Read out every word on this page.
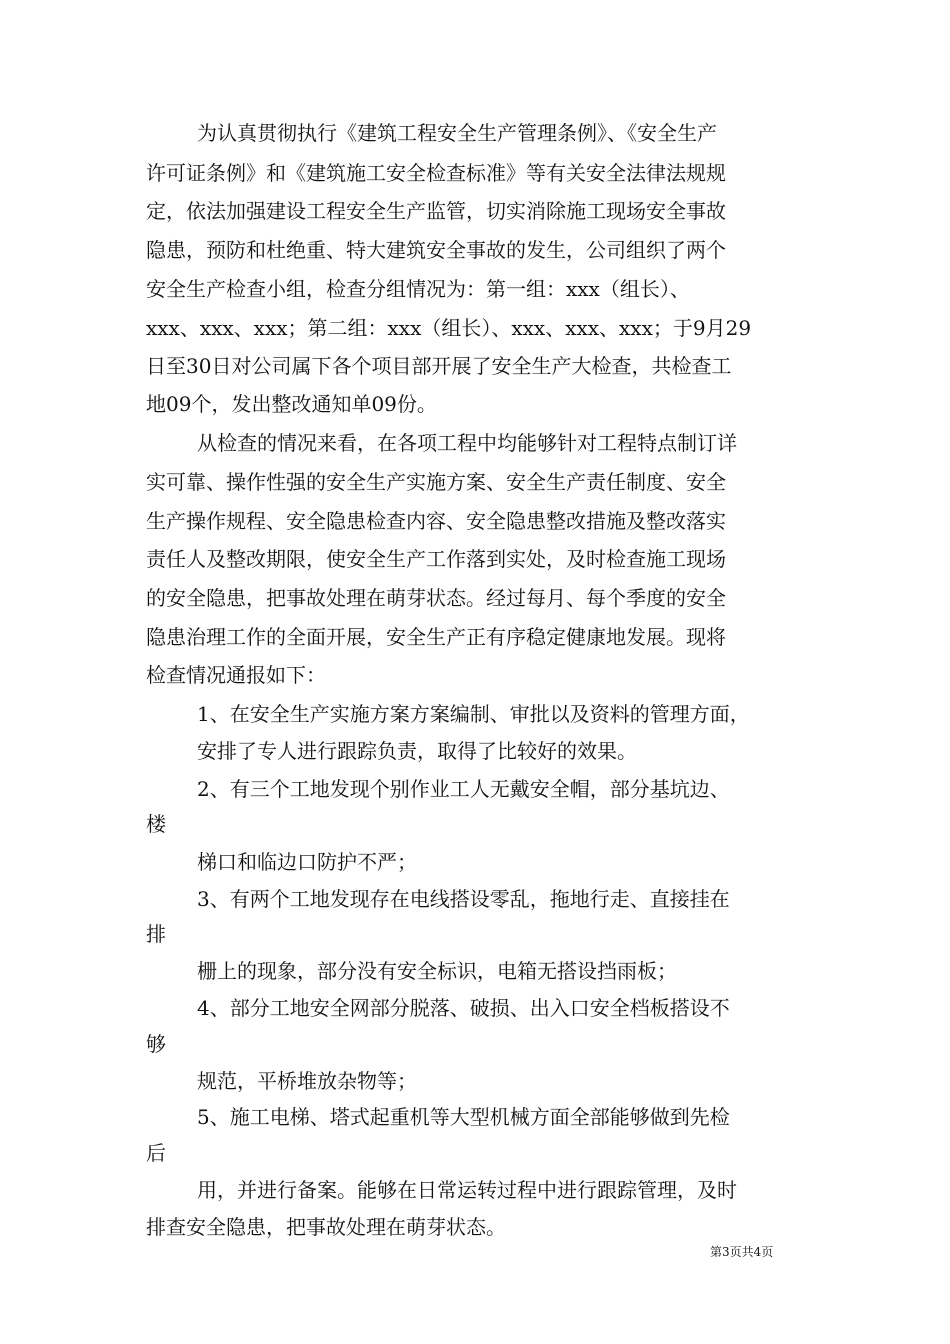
为认真贯彻执行《建筑工程安全生产管理条例》、《安全生产
许可证条例》和《建筑施工安全检查标准》等有关安全法律法规规
定，依法加强建设工程安全生产监管，切实消除施工现场安全事故
隐患，预防和杜绝重、特大建筑安全事故的发生，公司组织了两个
安全生产检查小组，检查分组情况为：第一组：xxx（组长）、
xxx、xxx、xxx；第二组：xxx（组长）、xxx、xxx、xxx；于9月29
日至30日对公司属下各个项目部开展了安全生产大检查，共检查工
地09个，发出整改通知单09份。
从检查的情况来看，在各项工程中均能够针对工程特点制订详
实可靠、操作性强的安全生产实施方案、安全生产责任制度、安全
生产操作规程、安全隐患检查内容、安全隐患整改措施及整改落实
责任人及整改期限，使安全生产工作落到实处，及时检查施工现场
的安全隐患，把事故处理在萌芽状态。经过每月、每个季度的安全
隐患治理工作的全面开展，安全生产正有序稳定健康地发展。现将
检查情况通报如下：
1、在安全生产实施方案方案编制、审批以及资料的管理方面，
安排了专人进行跟踪负责，取得了比较好的效果。
2、有三个工地发现个别作业工人无戴安全帽，部分基坑边、
楼
梯口和临边口防护不严；
3、有两个工地发现存在电线搭设零乱，拖地行走、直接挂在
排
栅上的现象，部分没有安全标识，电箱无搭设挡雨板；
4、部分工地安全网部分脱落、破损、出入口安全档板搭设不
够
规范，平桥堆放杂物等；
5、施工电梯、塔式起重机等大型机械方面全部能够做到先检
后
用，并进行备案。能够在日常运转过程中进行跟踪管理，及时
排查安全隐患，把事故处理在萌芽状态。
第3页共4页
